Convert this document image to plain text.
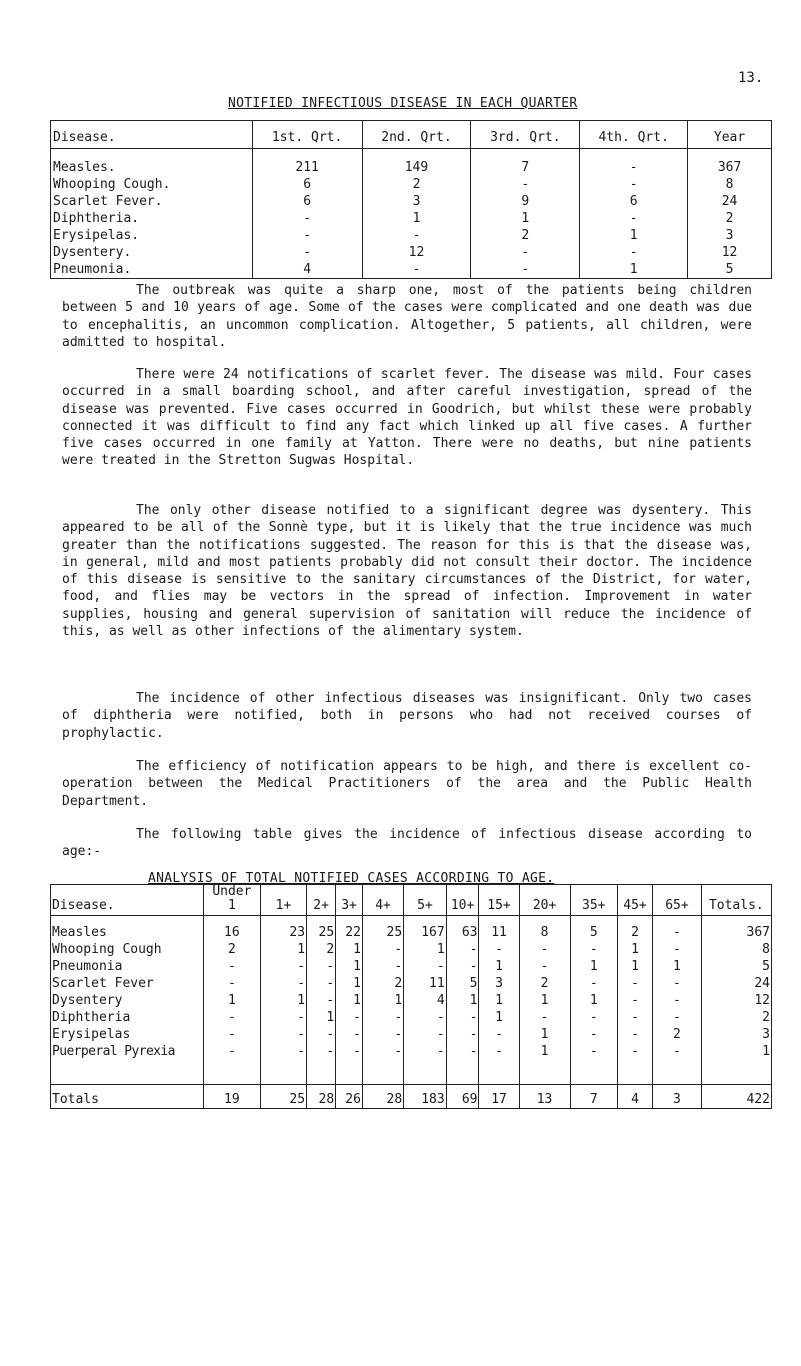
13.
NOTIFIED INFECTIOUS DISEASE IN EACH QUARTER
Disease.	1st. Qrt.	2nd. Qrt.	3rd. Qrt.	4th. Qrt.	Year
Measles.	211	149	7	-	367
Whooping Cough.	6	2	-	-	8
Scarlet Fever.	6	3	9	6	24
Diphtheria.	-	1	1	-	2
Erysipelas.	-	-	2	1	3
Dysentery.	-	12	-	-	12
Pneumonia.	4	-	-	1	5

The outbreak was quite a sharp one, most of the patients being children between 5 and 10 years of age. Some of the cases were complicated and one death was due to encephalitis, an uncommon complication. Altogether, 5 patients, all children, were admitted to hospital.

There were 24 notifications of scarlet fever. The disease was mild. Four cases occurred in a small boarding school, and after careful investigation, spread of the disease was prevented. Five cases occurred in Goodrich, but whilst these were probably connected it was difficult to find any fact which linked up all five cases. A further five cases occurred in one family at Yatton. There were no deaths, but nine patients were treated in the Stretton Sugwas Hospital.

The only other disease notified to a significant degree was dysentery. This appeared to be all of the Sonnè type, but it is likely that the true incidence was much greater than the notifications suggested. The reason for this is that the disease was, in general, mild and most patients probably did not consult their doctor. The incidence of this disease is sensitive to the sanitary circumstances of the District, for water, food, and flies may be vectors in the spread of infection. Improvement in water supplies, housing and general supervision of sanitation will reduce the incidence of this, as well as other infections of the alimentary system.

The incidence of other infectious diseases was insignificant. Only two cases of diphtheria were notified, both in persons who had not received courses of prophylactic.

The efficiency of notification appears to be high, and there is excellent co-operation between the Medical Practitioners of the area and the Public Health Department.

The following table gives the incidence of infectious disease according to age:-

ANALYSIS OF TOTAL NOTIFIED CASES ACCORDING TO AGE.
Disease.	Under 1	1+	2+	3+	4+	5+	10+	15+	20+	35+	45+	65+	Totals.
Measles	16	23	25	22	25	167	63	11	8	5	2	-	367
Whooping Cough	2	1	2	1	-	1	-	-	-	-	1	-	8
Pneumonia	-	-	-	1	-	-	-	1	-	1	1	1	5
Scarlet Fever	-	-	-	1	2	11	5	3	2	-	-	-	24
Dysentery	1	1	-	1	1	4	1	1	1	1	-	-	12
Diphtheria	-	-	1	-	-	-	-	1	-	-	-	-	2
Erysipelas	-	-	-	-	-	-	-	-	1	-	-	2	3
Puerperal Pyrexia	-	-	-	-	-	-	-	-	1	-	-	-	1

Totals	19	25	28	26	28	183	69	17	13	7	4	3	422
